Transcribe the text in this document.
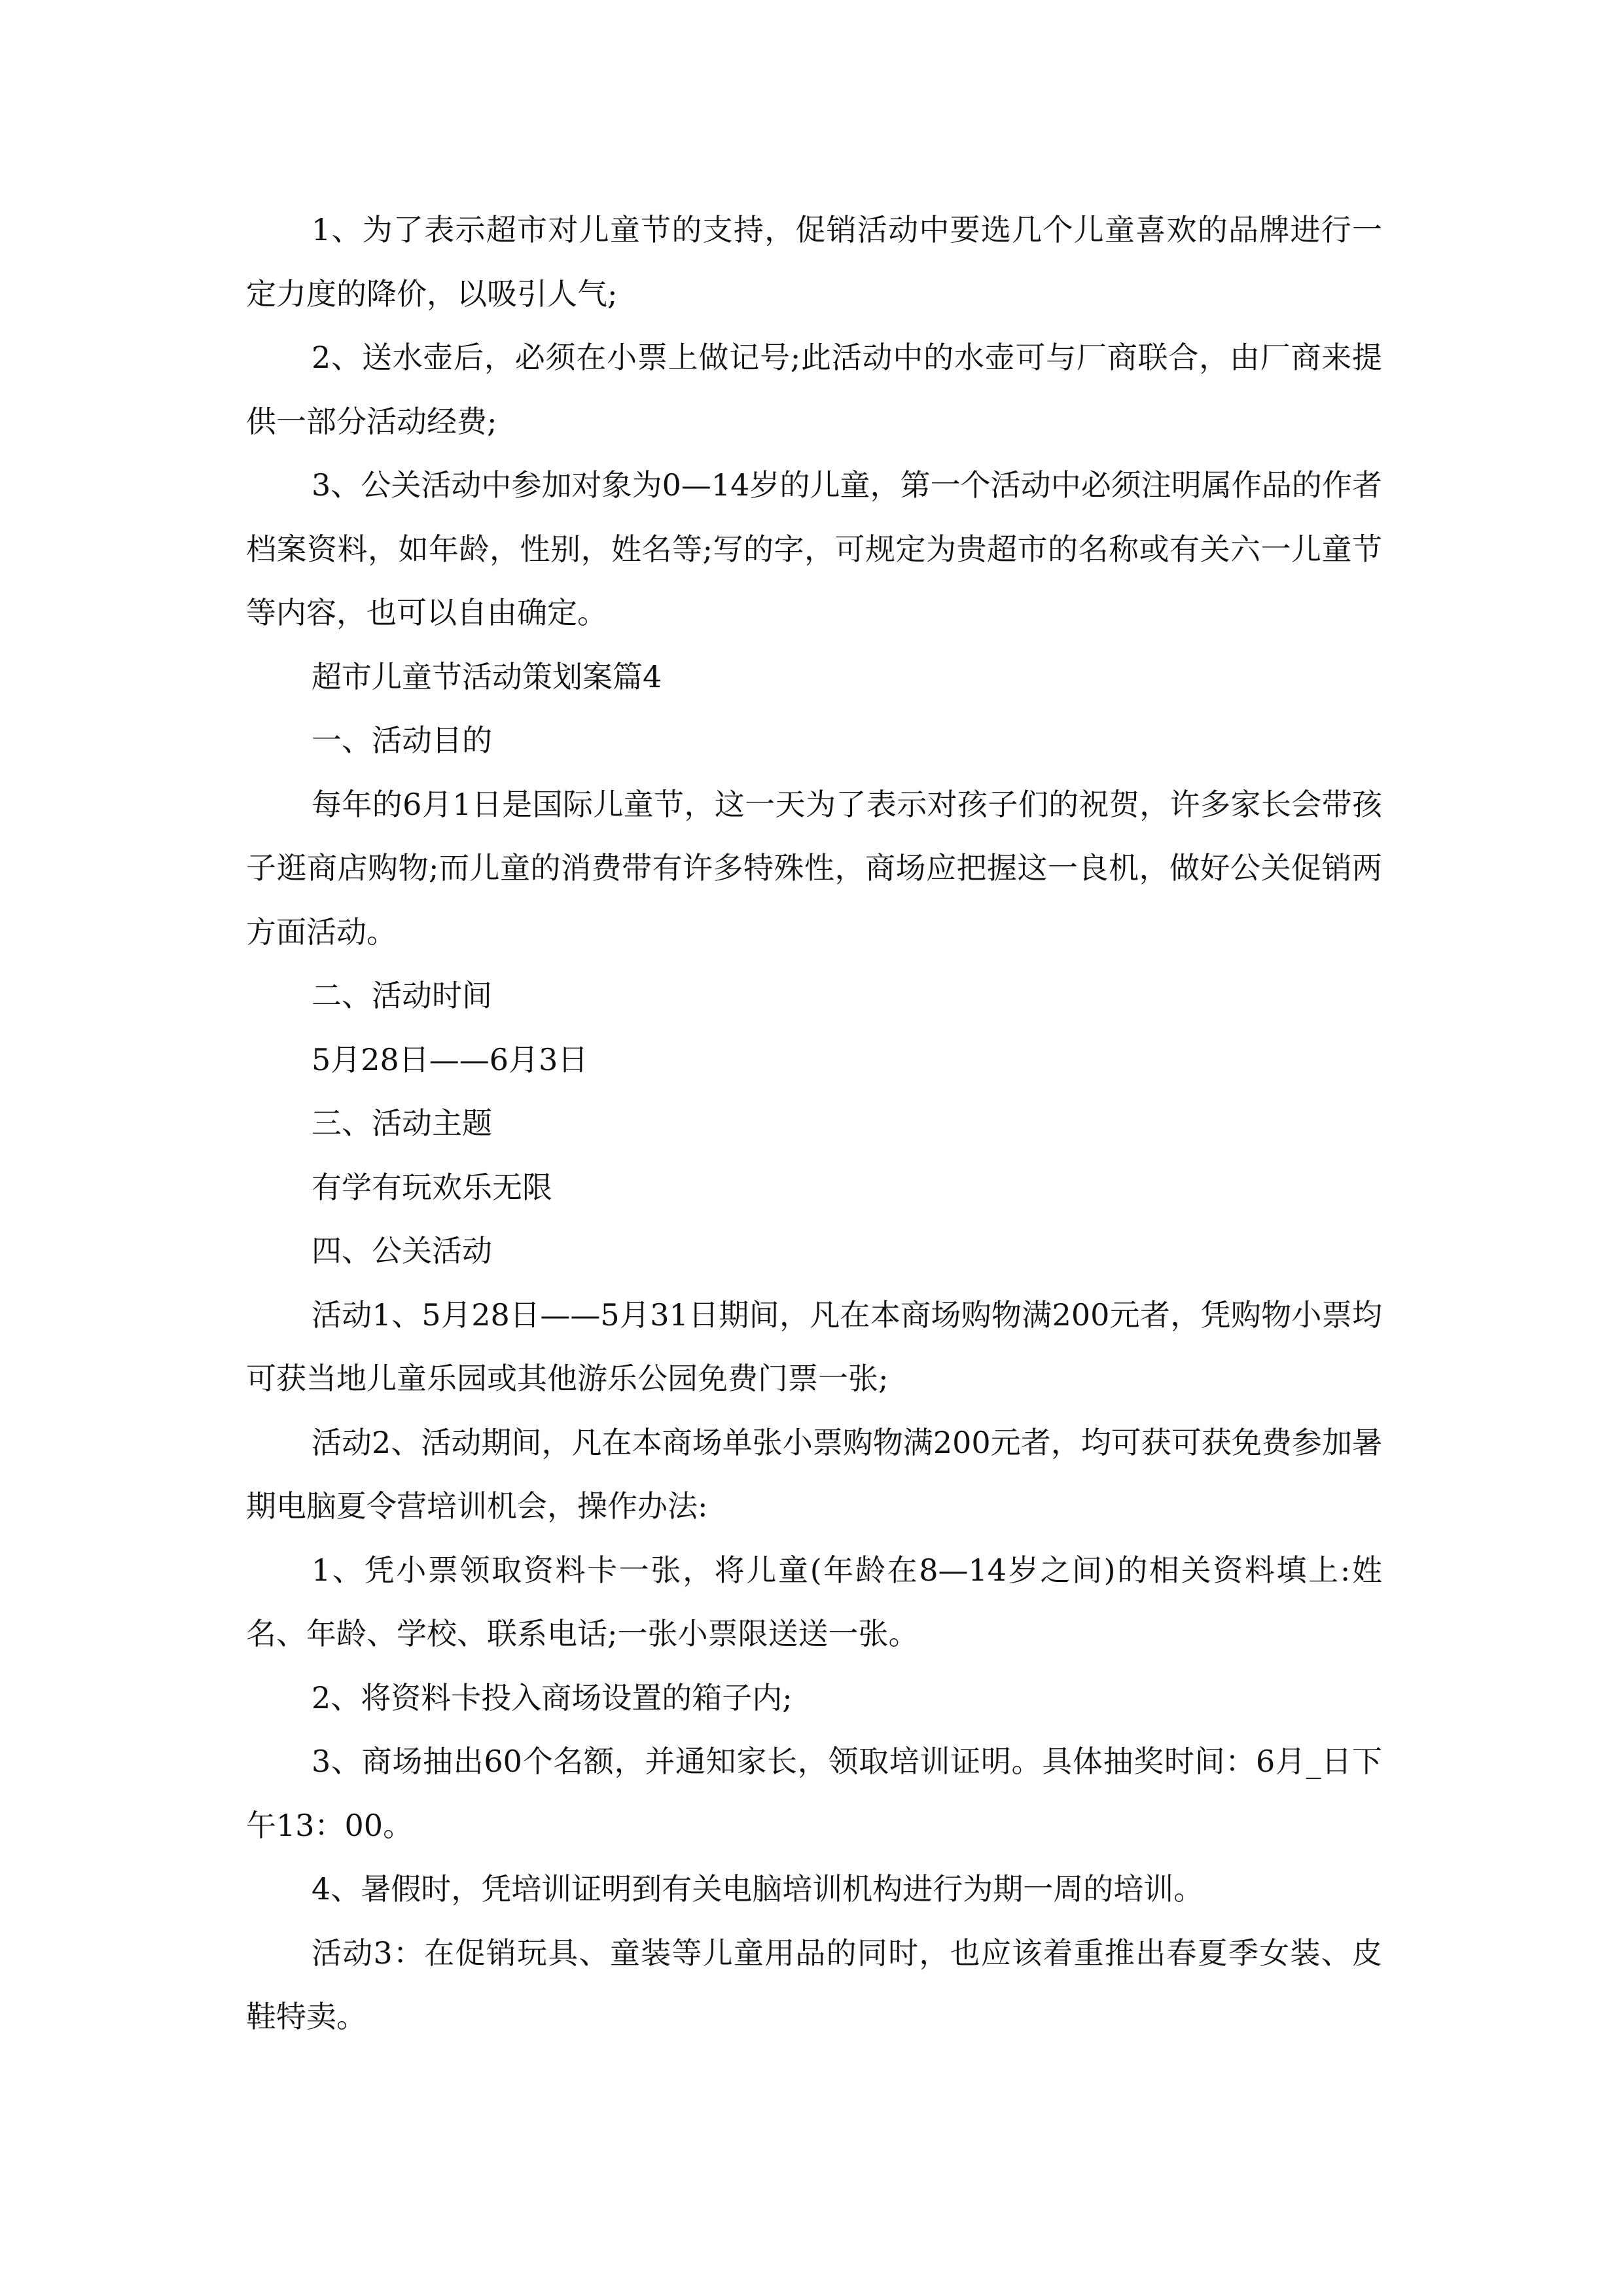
1、为了表示超市对儿童节的支持，促销活动中要选几个儿童喜欢的品牌进行一定力度的降价，以吸引人气;

2、送水壶后，必须在小票上做记号;此活动中的水壶可与厂商联合，由厂商来提供一部分活动经费;

3、公关活动中参加对象为0—14岁的儿童，第一个活动中必须注明属作品的作者档案资料，如年龄，性别，姓名等;写的字，可规定为贵超市的名称或有关六一儿童节等内容，也可以自由确定。

超市儿童节活动策划案篇4

一、活动目的

每年的6月1日是国际儿童节，这一天为了表示对孩子们的祝贺，许多家长会带孩子逛商店购物;而儿童的消费带有许多特殊性，商场应把握这一良机，做好公关促销两方面活动。

二、活动时间

5月28日——6月3日

三、活动主题

有学有玩欢乐无限

四、公关活动

活动1、5月28日——5月31日期间，凡在本商场购物满200元者，凭购物小票均可获当地儿童乐园或其他游乐公园免费门票一张;

活动2、活动期间，凡在本商场单张小票购物满200元者，均可获可获免费参加暑期电脑夏令营培训机会，操作办法:

1、凭小票领取资料卡一张，将儿童(年龄在8—14岁之间)的相关资料填上:姓名、年龄、学校、联系电话;一张小票限送送一张。

2、将资料卡投入商场设置的箱子内;

3、商场抽出60个名额，并通知家长，领取培训证明。具体抽奖时间：6月_日下午13：00。

4、暑假时，凭培训证明到有关电脑培训机构进行为期一周的培训。

活动3：在促销玩具、童装等儿童用品的同时，也应该着重推出春夏季女装、皮鞋特卖。
